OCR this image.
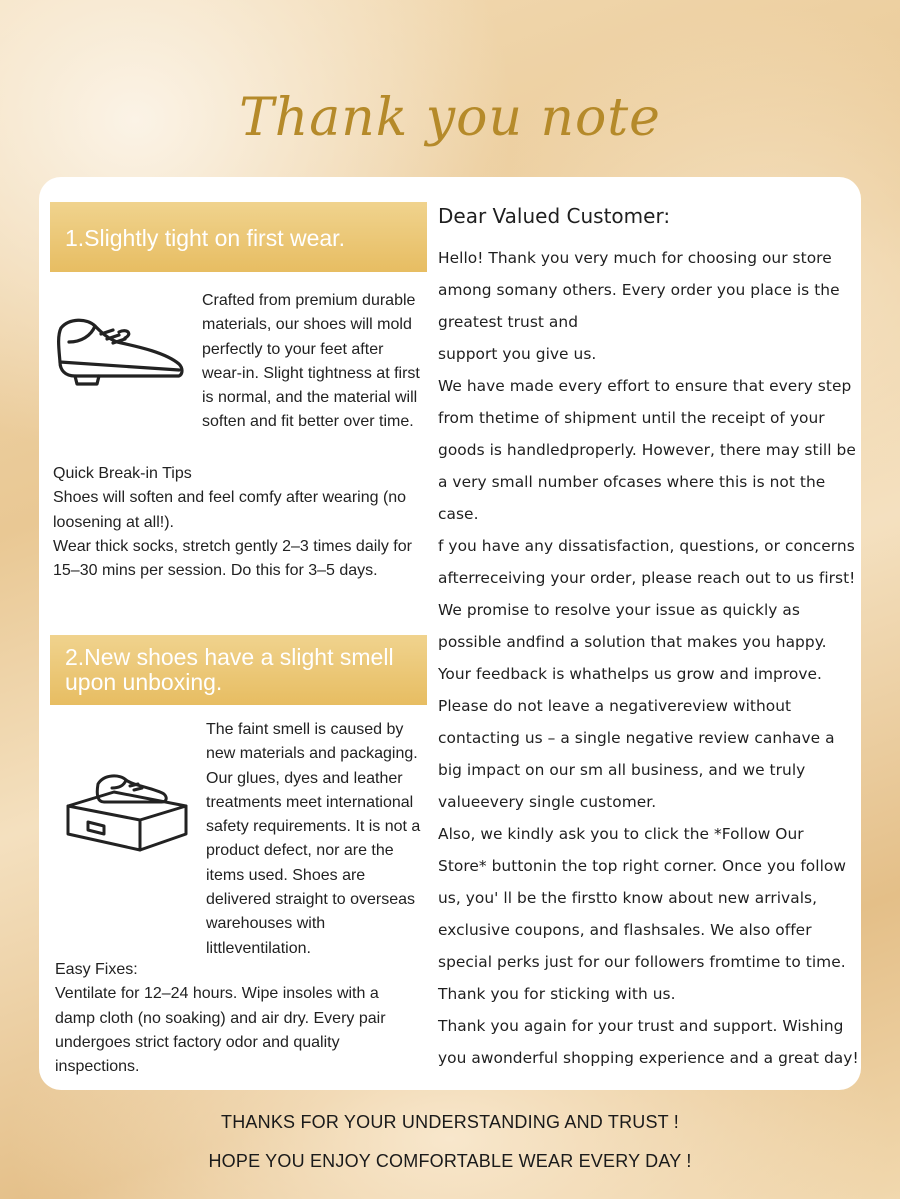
Thank you note
1.Slightly tight on first wear.
Crafted from premium durable
materials, our shoes will mold
perfectly to your feet after
wear-in. Slight tightness at first
is normal, and the material will
soften and fit better over time.
Quick Break-in Tips
Shoes will soften and feel comfy after wearing (no
loosening at all!).
Wear thick socks, stretch gently 2–3 times daily for
15–30 mins per session. Do this for 3–5 days.
2.New shoes have a slight smell
upon unboxing.
The faint smell is caused by
new materials and packaging.
Our glues, dyes and leather
treatments meet international
safety requirements. It is not a
product defect, nor are the
items used. Shoes are
delivered straight to overseas
warehouses with
littleventilation.
Easy Fixes:
Ventilate for 12–24 hours. Wipe insoles with a
damp cloth (no soaking) and air dry. Every pair
undergoes strict factory odor and quality
inspections.
Dear Valued Customer:
Hello! Thank you very much for choosing our store
among somany others. Every order you place is the
greatest trust and
support you give us.
We have made every effort to ensure that every step
from thetime of shipment until the receipt of your
goods is handledproperly. However, there may still be
a very small number ofcases where this is not the
case.
f you have any dissatisfaction, questions, or concerns
afterreceiving your order, please reach out to us first!
We promise to resolve your issue as quickly as
possible andfind a solution that makes you happy.
Your feedback is whathelps us grow and improve.
Please do not leave a negativereview without
contacting us – a single negative review canhave a
big impact on our sm all business, and we truly
valueevery single customer.
Also, we kindly ask you to click the *Follow Our
Store* buttonin the top right corner. Once you follow
us, you' ll be the firstto know about new arrivals,
exclusive coupons, and flashsales. We also offer
special perks just for our followers fromtime to time.
Thank you for sticking with us.
Thank you again for your trust and support. Wishing
you awonderful shopping experience and a great day!
THANKS FOR YOUR UNDERSTANDING AND TRUST !
HOPE YOU ENJOY COMFORTABLE WEAR EVERY DAY !
